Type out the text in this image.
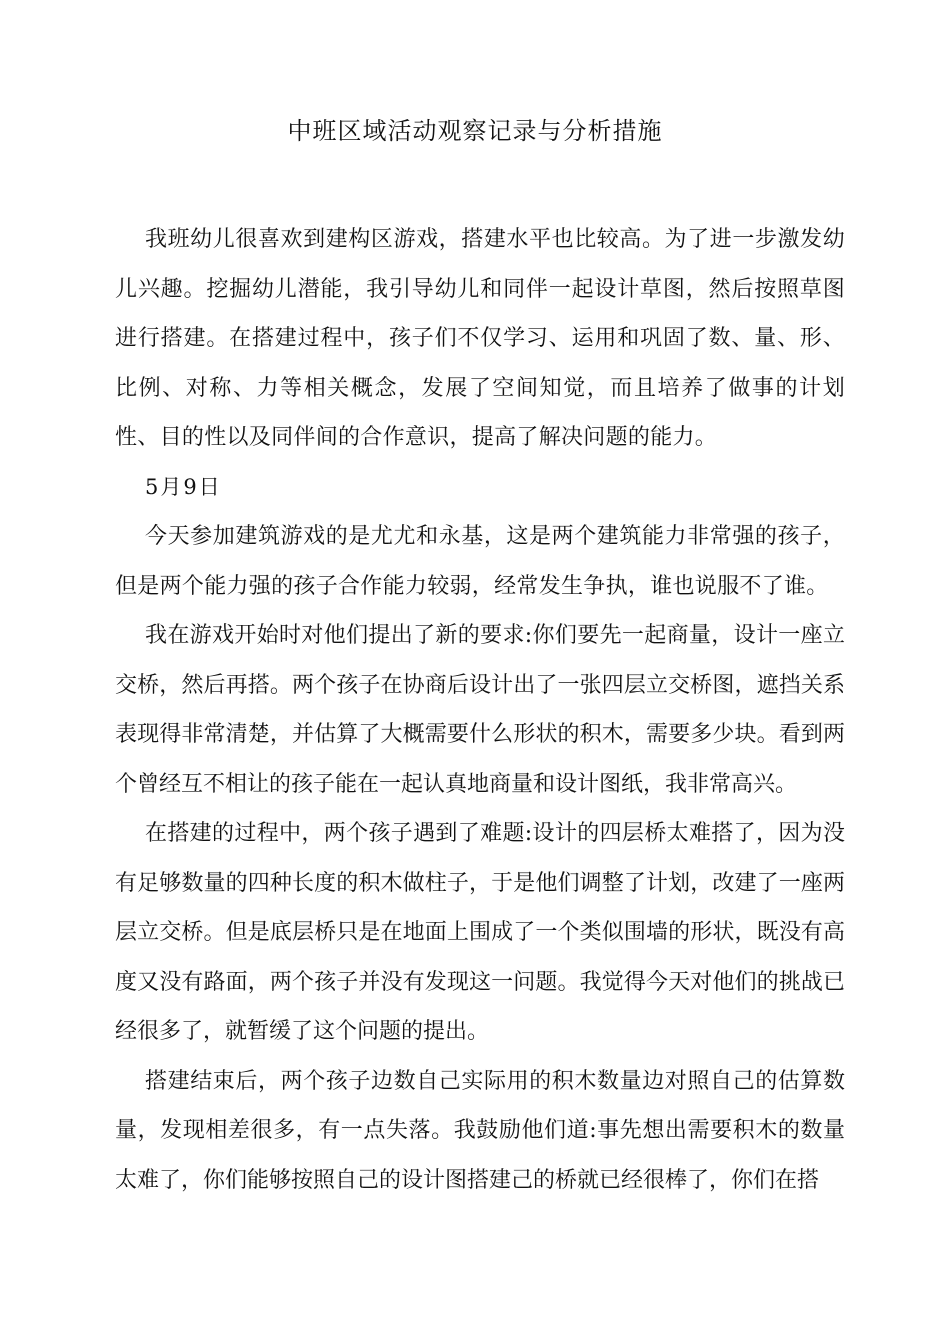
中班区域活动观察记录与分析措施

我班幼儿很喜欢到建构区游戏，搭建水平也比较高。为了进一步激发幼儿兴趣。挖掘幼儿潜能，我引导幼儿和同伴一起设计草图，然后按照草图进行搭建。在搭建过程中，孩子们不仅学习、运用和巩固了数、量、形、比例、对称、力等相关概念，发展了空间知觉，而且培养了做事的计划性、目的性以及同伴间的合作意识，提高了解决问题的能力。

5月9日

今天参加建筑游戏的是尤尤和永基，这是两个建筑能力非常强的孩子，但是两个能力强的孩子合作能力较弱，经常发生争执，谁也说服不了谁。

我在游戏开始时对他们提出了新的要求:你们要先一起商量，设计一座立交桥，然后再搭。两个孩子在协商后设计出了一张四层立交桥图，遮挡关系表现得非常清楚，并估算了大概需要什么形状的积木，需要多少块。看到两个曾经互不相让的孩子能在一起认真地商量和设计图纸，我非常高兴。

在搭建的过程中，两个孩子遇到了难题:设计的四层桥太难搭了，因为没有足够数量的四种长度的积木做柱子，于是他们调整了计划，改建了一座两层立交桥。但是底层桥只是在地面上围成了一个类似围墙的形状，既没有高度又没有路面，两个孩子并没有发现这一问题。我觉得今天对他们的挑战已经很多了，就暂缓了这个问题的提出。

搭建结束后，两个孩子边数自己实际用的积木数量边对照自己的估算数量，发现相差很多，有一点失落。我鼓励他们道:事先想出需要积木的数量太难了，你们能够按照自己的设计图搭建己的桥就已经很棒了，你们在搭
